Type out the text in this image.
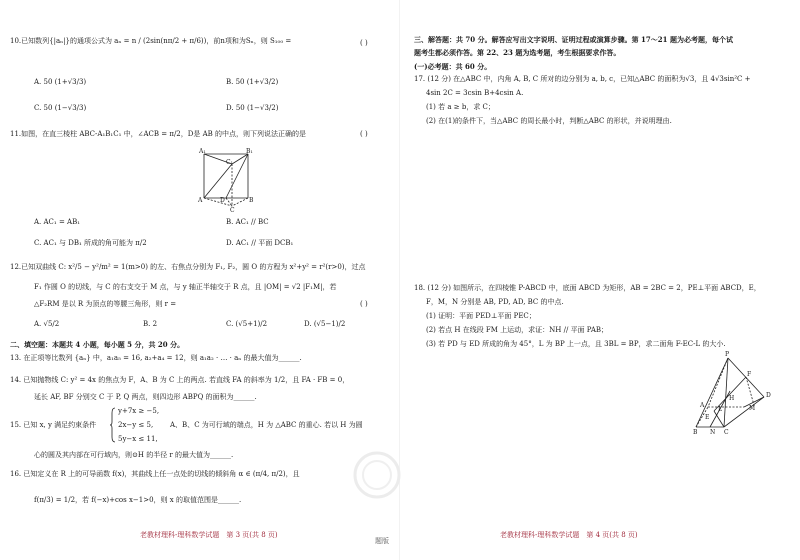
10.已知数列{|aₙ|}的通项公式为 aₙ = n / (2sin(nπ/2 + π/6))，前n项和为Sₙ，则 S₁₀₀ =	( )
A. 50 (1+√3/3)	B. 50 (1+√3/2)
C. 50 (1−√3/3)	D. 50 (1−√3/2)
11.如图，在直三棱柱 ABC-A₁B₁C₁ 中，∠ACB = π/2，D是 AB 的中点，则下列说法正确的是	( )
A₁	B₁
C₁
A	B
C
D
A. AC₁ = AB₁	B. AC₁ // BC
C. AC₁ 与 DB₁ 所成的角可能为 π/2	D. AC₁ // 平面 DCB₁
12.已知双曲线 C: x²/5 − y²/m² = 1(m>0) 的左、右焦点分别为 F₁, F₂，圆 O 的方程为 x²+y² = r²(r>0)，过点
F₁ 作圆 O 的切线，与 C 的右支交于 M 点，与 y 轴正半轴交于 R 点，且 |OM| = √2 |F₁M|，若
△F₂RM 是以 R 为顶点的等腰三角形，则 r =	( )
A. √5/2	B. 2	C. (√5+1)/2	D. (√5−1)/2
二、填空题：本题共 4 小题，每小题 5 分，共 20 分。
13. 在正项等比数列 {aₙ} 中，a₁a₅ = 16, a₂+a₄ = 12，则 a₁a₂ · … · aₙ 的最大值为______.
14. 已知抛物线 C: y² = 4x 的焦点为 F，A、B 为 C 上的两点. 若直线 FA 的斜率为 1/2，且 FA · FB = 0，
延长 AF, BF 分别交 C 于 P, Q 两点，则四边形 ABPQ 的面积为______.
15. 已知 x, y 满足约束条件
y+7x ≥ −5,
2x−y ≤ 5,
5y−x ≤ 11,
A、B、C 为可行域的端点，H 为 △ABC 的重心. 若以 H 为圆
心的圆及其内部在可行域内，则⊙H 的半径 r 的最大值为______.
16. 已知定义在 R 上的可导函数 f(x)，其曲线上任一点处的切线的倾斜角 α ∈ (π/4, π/2)，且
f(π/3) = 1/2，若 f(−x)+cos x−1>0，则 x 的取值范围是______.
老教材理科-理科数学试题　第 3 页(共 8 页)
题版
三、解答题：共 70 分。解答应写出文字说明、证明过程或演算步骤。第 17～21 题为必考题，每个试
题考生都必须作答。第 22、23 题为选考题，考生根据要求作答。
(一)必考题：共 60 分。
17. (12 分) 在△ABC 中，内角 A, B, C 所对的边分别为 a, b, c，已知△ABC 的面积为√3，且 4√3sin²C +
4sin 2C = 3csin B+4csin A.
(1) 若 a ≥ b，求 C；
(2) 在(1)的条件下，当△ABC 的周长最小时，判断△ABC 的形状，并说明理由.
18. (12 分) 如图所示，在四棱锥 P-ABCD 中，底面 ABCD 为矩形，AB = 2BC = 2，PE⊥平面 ABCD，E，
F，M，N 分别是 AB, PD, AD, BC 的中点.
(1) 证明：平面 PED⊥平面 PEC；
(2) 若点 H 在线段 FM 上运动，求证：NH // 平面 PAB；
(3) 若 PD 与 ED 所成的角为 45°，L 为 BP 上一点，且 3BL = BP，求二面角 F-EC-L 的大小.
P
F
D
A	M
H
E
L
N C
B
老教材理科-理科数学试题　第 4 页(共 8 页)
